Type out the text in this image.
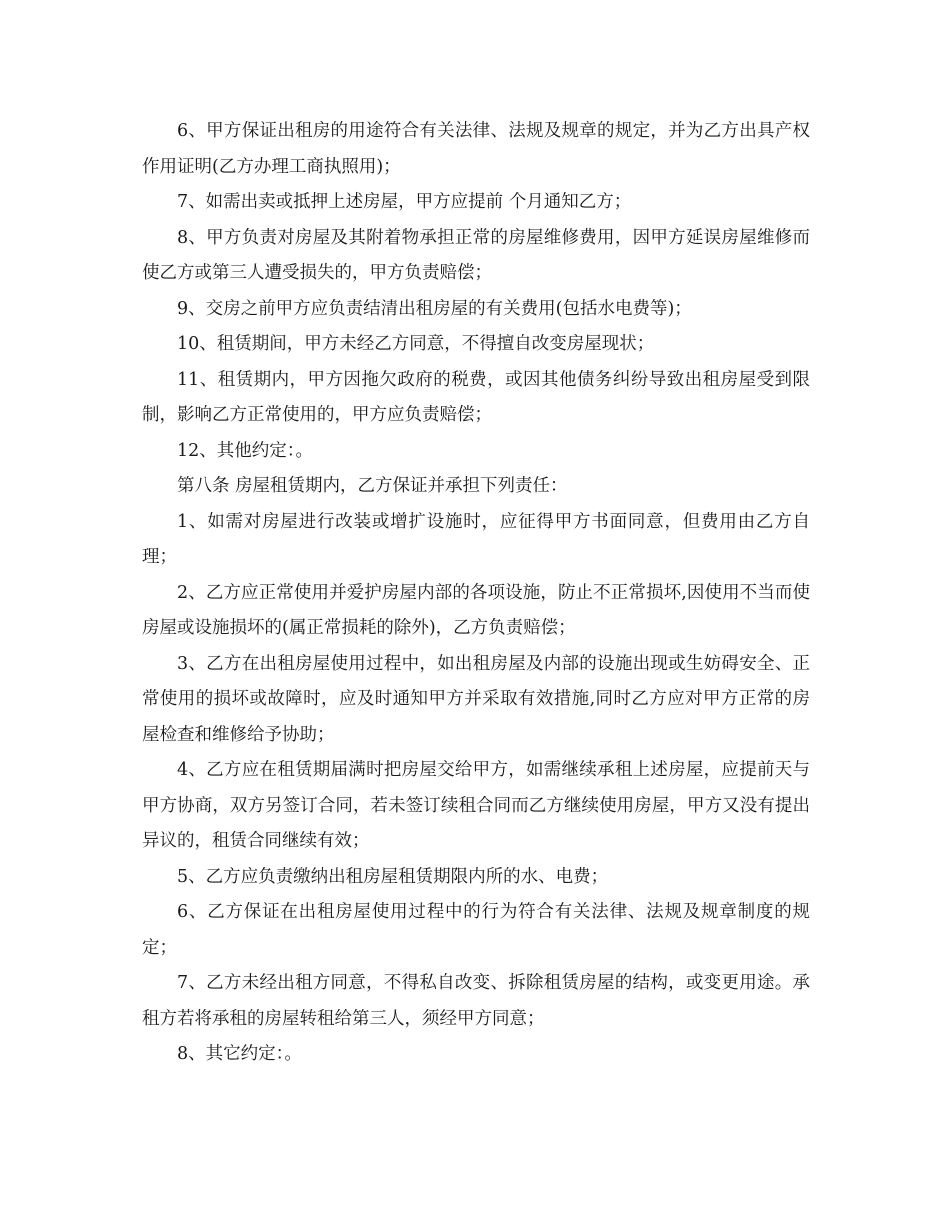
6、甲方保证出租房的用途符合有关法律、法规及规章的规定，并为乙方出具产权作用证明(乙方办理工商执照用)；

7、如需出卖或抵押上述房屋，甲方应提前 个月通知乙方；

8、甲方负责对房屋及其附着物承担正常的房屋维修费用，因甲方延误房屋维修而使乙方或第三人遭受损失的，甲方负责赔偿；

9、交房之前甲方应负责结清出租房屋的有关费用(包括水电费等)；

10、租赁期间，甲方未经乙方同意，不得擅自改变房屋现状；

11、租赁期内，甲方因拖欠政府的税费，或因其他债务纠纷导致出租房屋受到限制，影响乙方正常使用的，甲方应负责赔偿；

12、其他约定：。

第八条 房屋租赁期内，乙方保证并承担下列责任：

1、如需对房屋进行改装或增扩设施时，应征得甲方书面同意，但费用由乙方自理；

2、乙方应正常使用并爱护房屋内部的各项设施，防止不正常损坏,因使用不当而使房屋或设施损坏的(属正常损耗的除外)，乙方负责赔偿；

3、乙方在出租房屋使用过程中，如出租房屋及内部的设施出现或生妨碍安全、正常使用的损坏或故障时，应及时通知甲方并采取有效措施,同时乙方应对甲方正常的房屋检查和维修给予协助；

4、乙方应在租赁期届满时把房屋交给甲方，如需继续承租上述房屋，应提前天与甲方协商，双方另签订合同，若未签订续租合同而乙方继续使用房屋，甲方又没有提出异议的，租赁合同继续有效；

5、乙方应负责缴纳出租房屋租赁期限内所的水、电费；

6、乙方保证在出租房屋使用过程中的行为符合有关法律、法规及规章制度的规定；

7、乙方未经出租方同意，不得私自改变、拆除租赁房屋的结构，或变更用途。承租方若将承租的房屋转租给第三人，须经甲方同意；

8、其它约定：。
